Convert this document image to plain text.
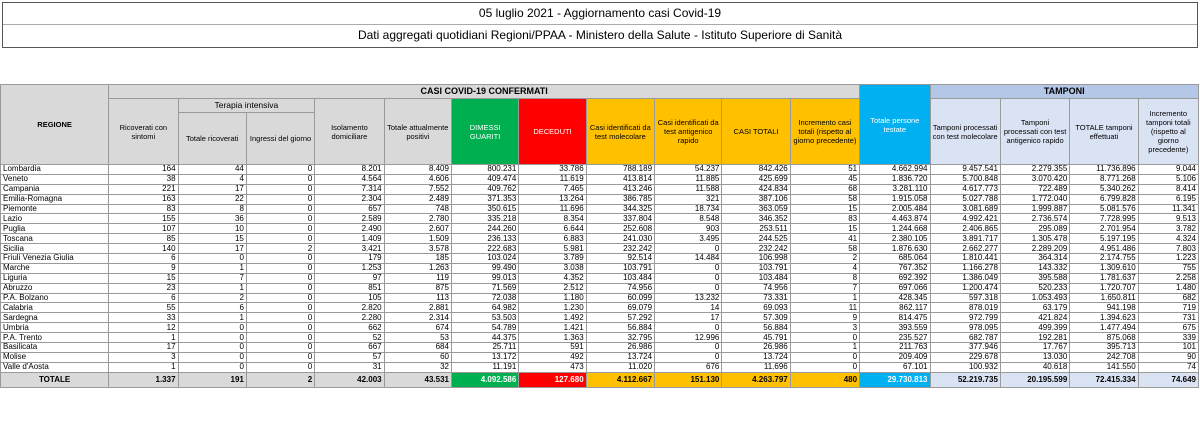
05 luglio 2021 - Aggiornamento casi Covid-19
Dati aggregati quotidiani Regioni/PPAA - Ministero della Salute - Istituto Superiore di Sanità
REGIONE	CASI COVID-19 CONFERMATI											Totale persone testate	TAMPONI			
	Ricoverati con sintomi	Terapia intensiva		Isolamento domiciliare	Totale attualmente positivi	DIMESSI GUARITI	DECEDUTI	Casi identificati da test molecolare	Casi identificati da test antigenico rapido	CASI TOTALI	Incremento casi totali (rispetto al giorno precedente)		Tamponi processati con test molecolare	Tamponi processati con test antigenico rapido	TOTALE tamponi effettuati	Incremento tamponi totali (rispetto al giorno precedente)
		Totale ricoverati	Ingressi del giorno													
Lombardia	164	44	0	8.201	8.409	800.231	33.786	788.189	54.237	842.426	51	4.662.994	9.457.541	2.279.355	11.736.896	9.044
Veneto	38	4	0	4.564	4.606	409.474	11.619	413.814	11.885	425.699	45	1.836.720	5.700.848	3.070.420	8.771.268	5.106
Campania	221	17	0	7.314	7.552	409.762	7.465	413.246	11.588	424.834	68	3.281.110	4.617.773	722.489	5.340.262	8.414
Emilia-Romagna	163	22	0	2.304	2.489	371.353	13.264	386.785	321	387.106	58	1.915.058	5.027.788	1.772.040	6.799.828	6.195
Piemonte	83	8	0	657	748	350.615	11.696	344.325	18.734	363.059	15	2.005.484	3.081.689	1.999.887	5.081.576	11.341
Lazio	155	36	0	2.589	2.780	335.218	8.354	337.804	8.548	346.352	83	4.463.874	4.992.421	2.736.574	7.728.995	9.513
Puglia	107	10	0	2.490	2.607	244.260	6.644	252.608	903	253.511	15	1.244.668	2.406.865	295.089	2.701.954	3.782
Toscana	85	15	0	1.409	1.509	236.133	6.883	241.030	3.495	244.525	41	2.380.105	3.891.717	1.305.478	5.197.195	4.324
Sicilia	140	17	2	3.421	3.578	222.683	5.981	232.242	0	232.242	58	1.876.630	2.662.277	2.289.209	4.951.486	7.803
Friuli Venezia Giulia	6	0	0	179	185	103.024	3.789	92.514	14.484	106.998	2	685.064	1.810.441	364.314	2.174.755	1.223
Marche	9	1	0	1.253	1.263	99.490	3.038	103.791	0	103.791	4	767.352	1.166.278	143.332	1.309.610	755
Liguria	15	7	0	97	119	99.013	4.352	103.484	0	103.484	8	692.392	1.386.049	395.588	1.781.637	2.258
Abruzzo	23	1	0	851	875	71.569	2.512	74.956	0	74.956	7	697.066	1.200.474	520.233	1.720.707	1.480
P.A. Bolzano	6	2	0	105	113	72.038	1.180	60.099	13.232	73.331	1	428.345	597.318	1.053.493	1.650.811	682
Calabria	55	6	0	2.820	2.881	64.982	1.230	69.079	14	69.093	11	862.117	878.019	63.179	941.198	719
Sardegna	33	1	0	2.280	2.314	53.503	1.492	57.292	17	57.309	9	814.475	972.799	421.824	1.394.623	731
Umbria	12	0	0	662	674	54.789	1.421	56.884	0	56.884	3	393.559	978.095	499.399	1.477.494	675
P.A. Trento	1	0	0	52	53	44.375	1.363	32.795	12.996	45.791	0	235.527	682.787	192.281	875.068	339
Basilicata	17	0	0	667	684	25.711	591	26.986	0	26.986	1	211.763	377.946	17.767	395.713	101
Molise	3	0	0	57	60	13.172	492	13.724	0	13.724	0	209.409	229.678	13.030	242.708	90
Valle d'Aosta	1	0	0	31	32	11.191	473	11.020	676	11.696	0	67.101	100.932	40.618	141.550	74
TOTALE	1.337	191	2	42.003	43.531	4.092.586	127.680	4.112.667	151.130	4.263.797	480	29.730.813	52.219.735	20.195.599	72.415.334	74.649
